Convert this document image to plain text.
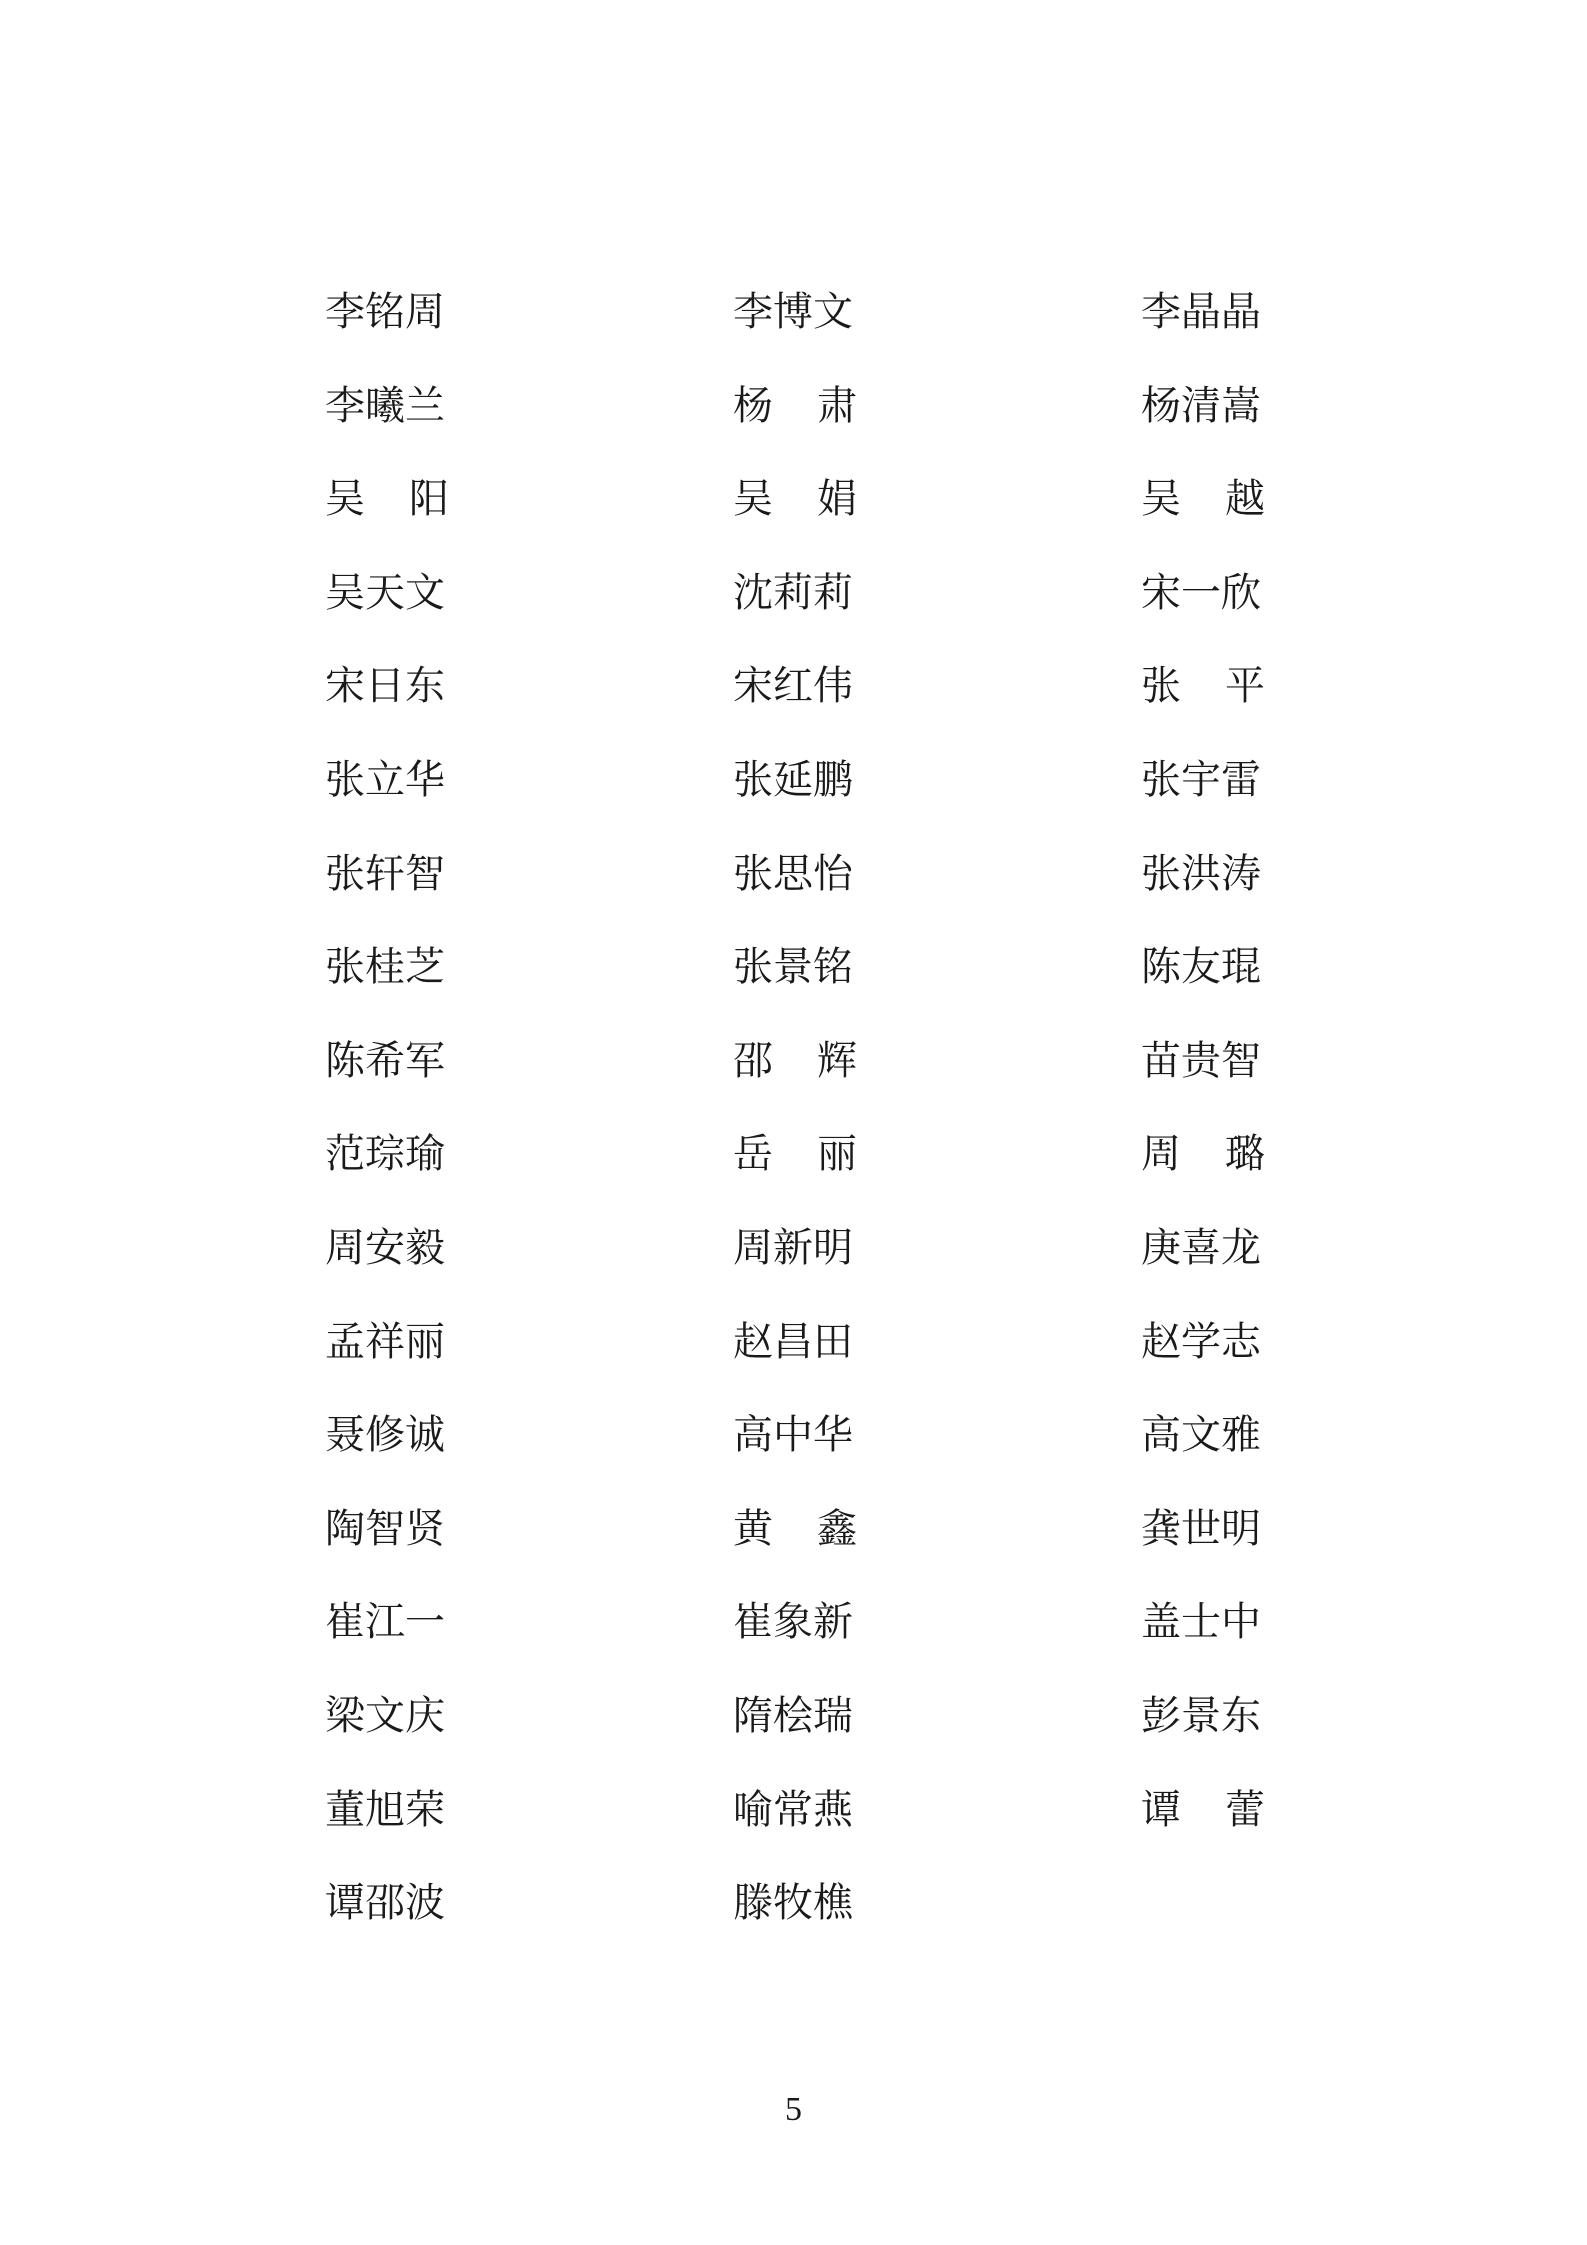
李铭周	李博文	李晶晶
李曦兰	杨 肃	杨清嵩
吴 阳	吴 娟	吴 越
吴天文	沈莉莉	宋一欣
宋日东	宋红伟	张 平
张立华	张延鹏	张宇雷
张轩智	张思怡	张洪涛
张桂芝	张景铭	陈友琨
陈希军	邵 辉	苗贵智
范琮瑜	岳 丽	周 璐
周安毅	周新明	庚喜龙
孟祥丽	赵昌田	赵学志
聂修诚	高中华	高文雅
陶智贤	黄 鑫	龚世明
崔江一	崔象新	盖士中
梁文庆	隋桧瑞	彭景东
董旭荣	喻常燕	谭 蕾
谭邵波	滕牧樵
5
